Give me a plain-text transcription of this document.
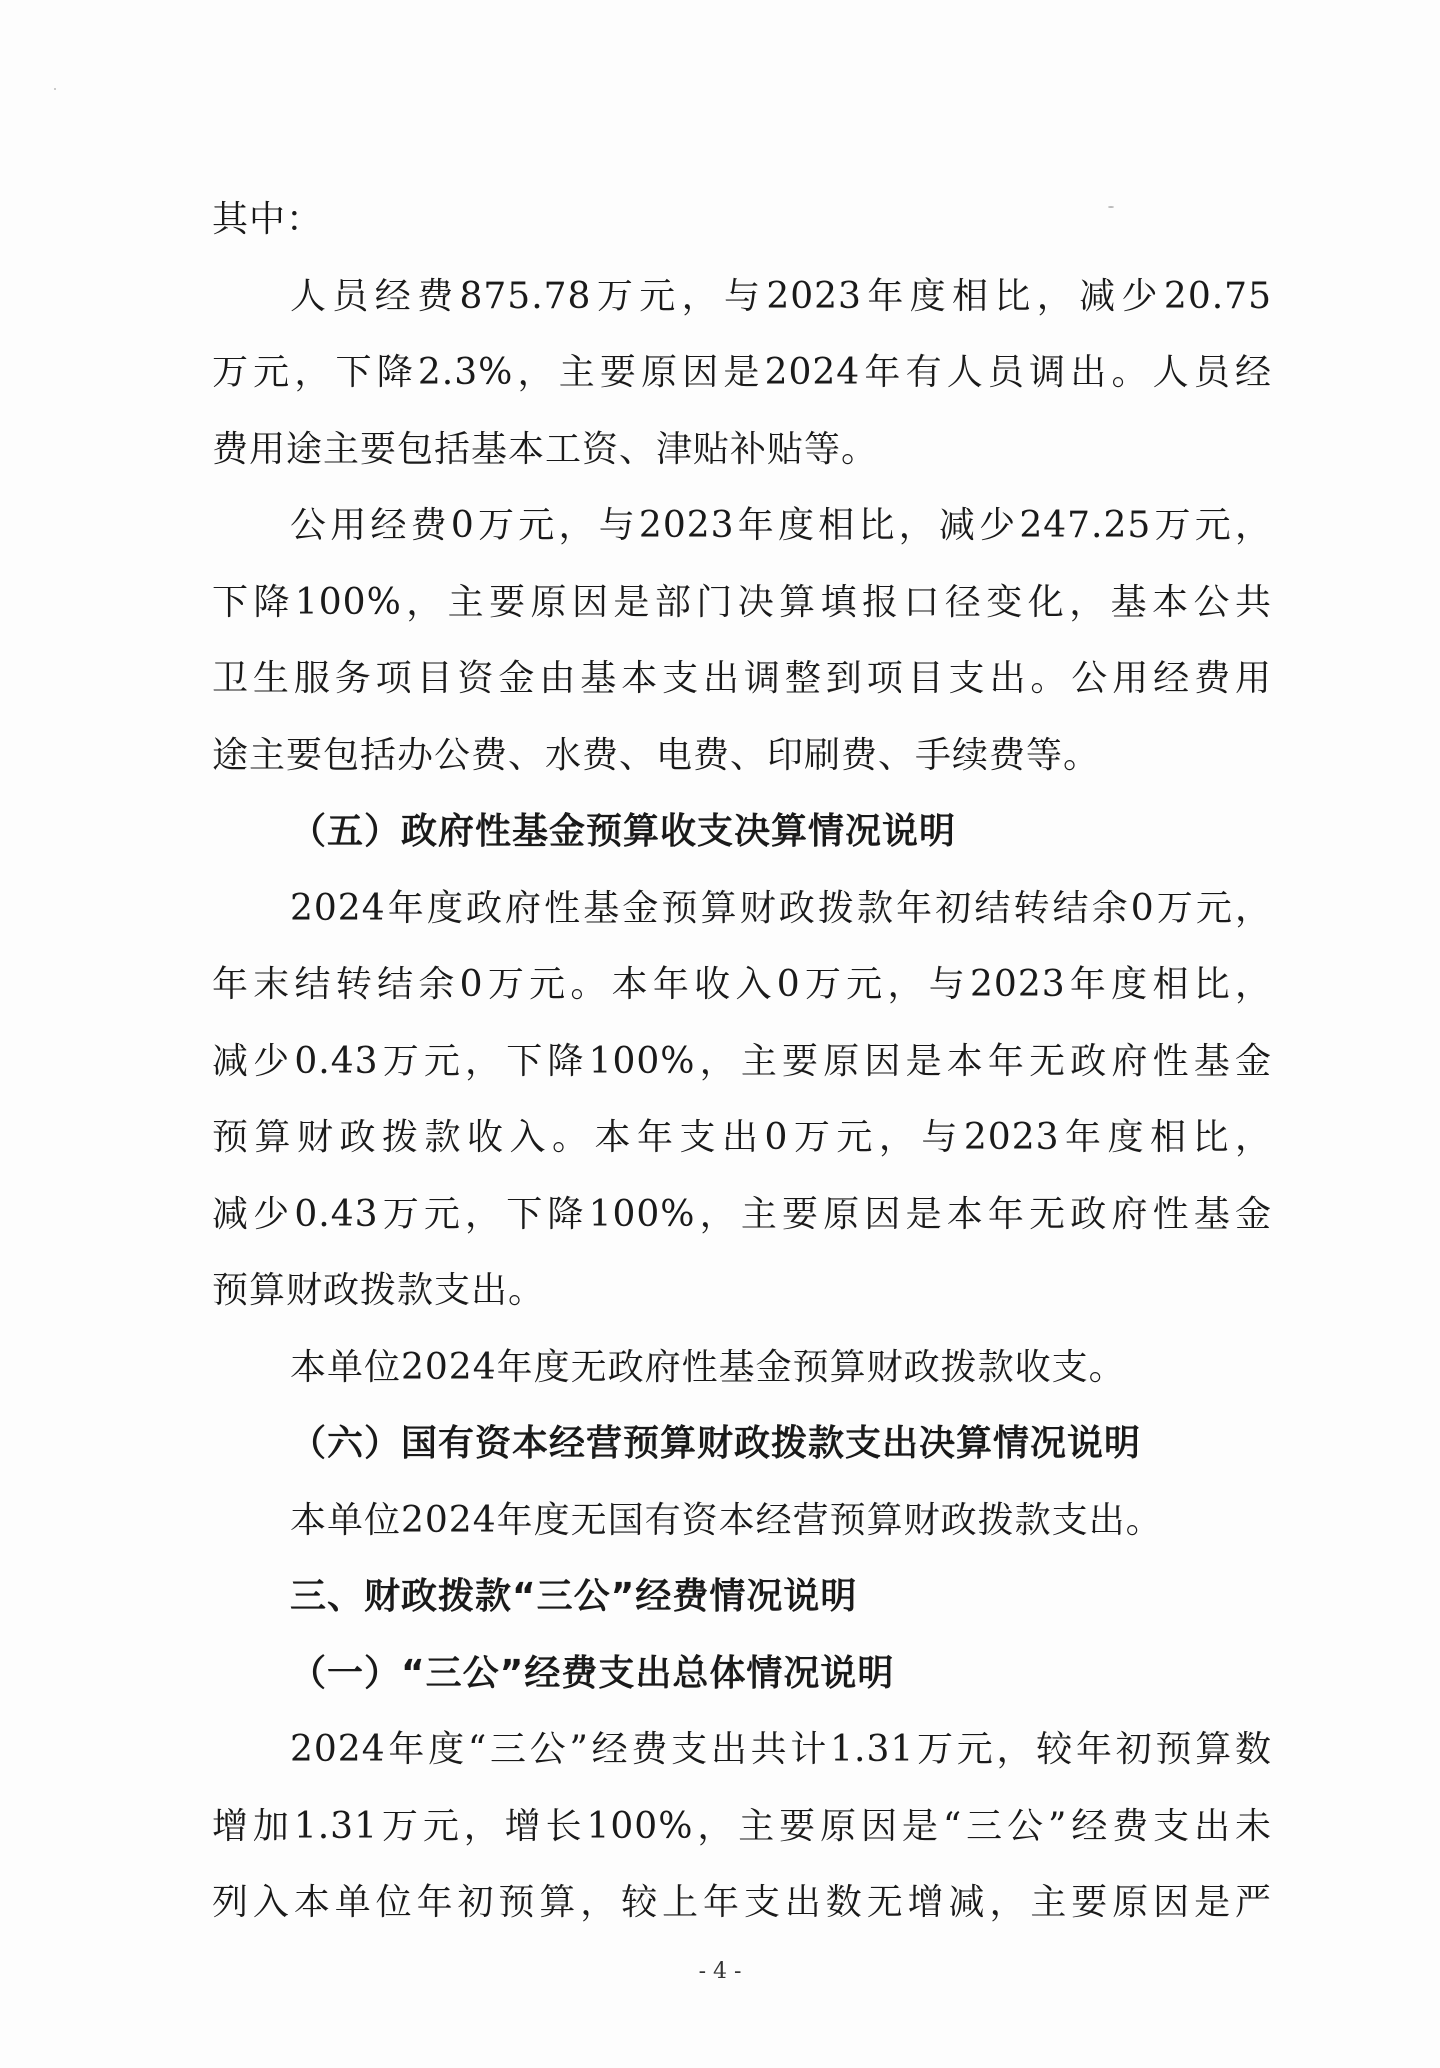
其中：
人员经费875.78万元，与2023年度相比，减少20.75
万元，下降2.3%，主要原因是2024年有人员调出。人员经
费用途主要包括基本工资、津贴补贴等。
公用经费0万元，与2023年度相比，减少247.25万元，
下降100%，主要原因是部门决算填报口径变化，基本公共
卫生服务项目资金由基本支出调整到项目支出。公用经费用
途主要包括办公费、水费、电费、印刷费、手续费等。
（五）政府性基金预算收支决算情况说明
2024年度政府性基金预算财政拨款年初结转结余0万元，
年末结转结余0万元。本年收入0万元，与2023年度相比，
减少0.43万元，下降100%，主要原因是本年无政府性基金
预算财政拨款收入。本年支出0万元，与2023年度相比，
减少0.43万元，下降100%，主要原因是本年无政府性基金
预算财政拨款支出。
本单位2024年度无政府性基金预算财政拨款收支。
（六）国有资本经营预算财政拨款支出决算情况说明
本单位2024年度无国有资本经营预算财政拨款支出。
三、财政拨款“三公”经费情况说明
（一）“三公”经费支出总体情况说明
2024年度“三公”经费支出共计1.31万元，较年初预算数
增加1.31万元，增长100%，主要原因是“三公”经费支出未
列入本单位年初预算，较上年支出数无增减，主要原因是严
- 4 -
